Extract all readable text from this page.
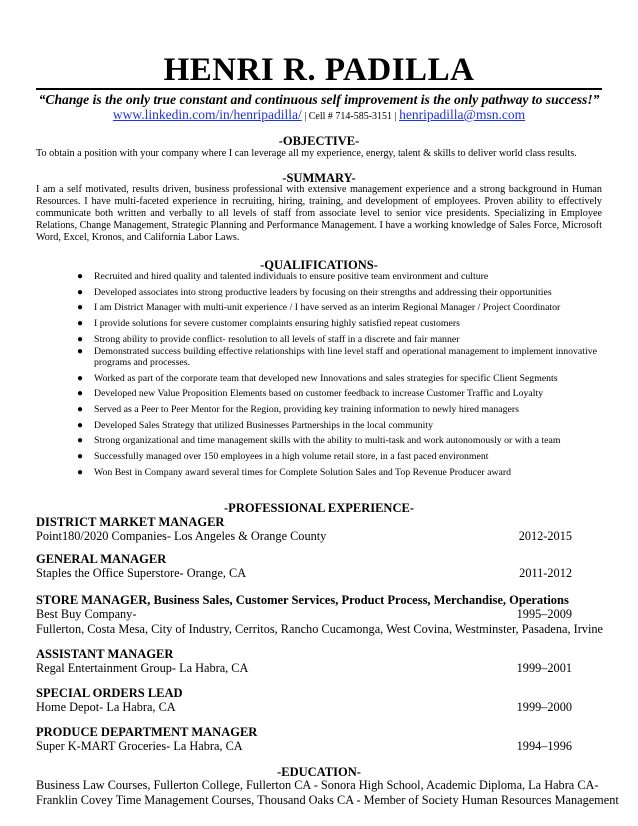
HENRI R. PADILLA
“Change is the only true constant and continuous self improvement is the only pathway to success!”
www.linkedin.com/in/henripadilla/ | Cell # 714-585-3151 | henripadilla@msn.com
-OBJECTIVE-
To obtain a position with your company where I can leverage all my experience, energy, talent & skills to deliver world class results.
-SUMMARY-
I am a self motivated, results driven, business professional with extensive management experience and a strong background in Human Resources. I have multi-faceted experience in recruiting, hiring, training, and development of employees. Proven ability to effectively communicate both written and verbally to all levels of staff from associate level to senior vice presidents. Specializing in Employee Relations, Change Management, Strategic Planning and Performance Management. I have a working knowledge of Sales Force, Microsoft Word, Excel, Kronos, and California Labor Laws.
-QUALIFICATIONS-
● Recruited and hired quality and talented individuals to ensure positive team environment and culture
● Developed associates into strong productive leaders by focusing on their strengths and addressing their opportunities
● I am District Manager with multi-unit experience / I have served as an interim Regional Manager / Project Coordinator
● I provide solutions for severe customer complaints ensuring highly satisfied repeat customers
● Strong ability to provide conflict- resolution to all levels of staff in a discrete and fair manner
● Demonstrated success building effective relationships with line level staff and operational management to implement innovative programs and processes.
● Worked as part of the corporate team that developed new Innovations and sales strategies for specific Client Segments
● Developed new Value Proposition Elements based on customer feedback to increase Customer Traffic and Loyalty
● Served as a Peer to Peer Mentor for the Region, providing key training information to newly hired managers
● Developed Sales Strategy that utilized Businesses Partnerships in the local community
● Strong organizational and time management skills with the ability to multi-task and work autonomously or with a team
● Successfully managed over 150 employees in a high volume retail store, in a fast paced environment
● Won Best in Company award several times for Complete Solution Sales and Top Revenue Producer award
-PROFESSIONAL EXPERIENCE-
DISTRICT MARKET MANAGER
Point180/2020 Companies- Los Angeles & Orange County	2012-2015
GENERAL MANAGER
Staples the Office Superstore- Orange, CA	2011-2012
STORE MANAGER, Business Sales, Customer Services, Product Process, Merchandise, Operations
Best Buy Company-	1995–2009
Fullerton, Costa Mesa, City of Industry, Cerritos, Rancho Cucamonga, West Covina, Westminster, Pasadena, Irvine
ASSISTANT MANAGER
Regal Entertainment Group- La Habra, CA	1999–2001
SPECIAL ORDERS LEAD
Home Depot- La Habra, CA	1999–2000
PRODUCE DEPARTMENT MANAGER
Super K-MART Groceries- La Habra, CA	1994–1996
-EDUCATION-
Business Law Courses, Fullerton College, Fullerton CA - Sonora High School, Academic Diploma, La Habra CA-
Franklin Covey Time Management Courses, Thousand Oaks CA - Member of Society Human Resources Management
